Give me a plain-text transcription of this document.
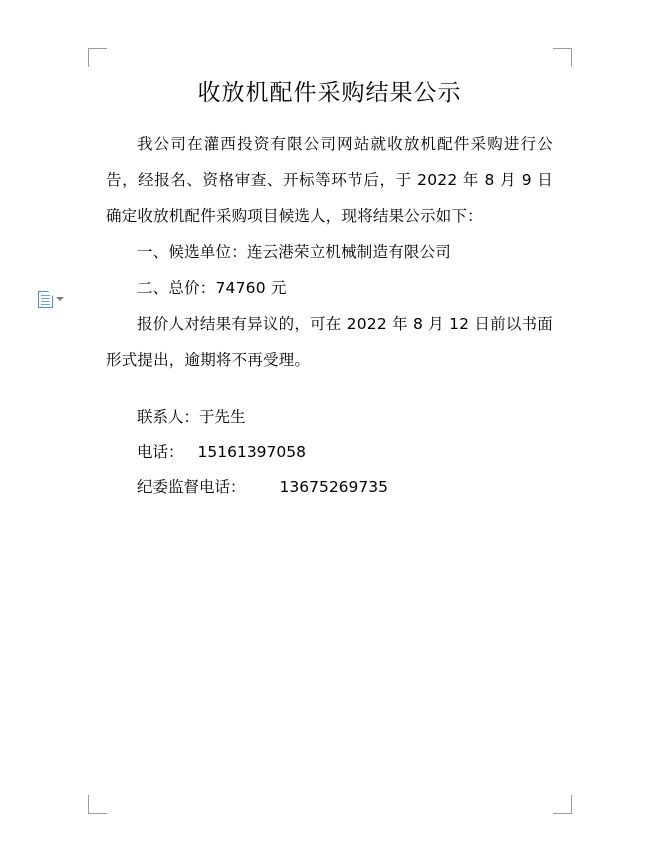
收放机配件采购结果公示

我公司在灌西投资有限公司网站就收放机配件采购进行公告，经报名、资格审查、开标等环节后，于 2022 年 8 月 9 日确定收放机配件采购项目候选人，现将结果公示如下：

一、候选单位：连云港荣立机械制造有限公司

二、总价：74760 元

报价人对结果有异议的，可在 2022 年 8 月 12 日前以书面形式提出，逾期将不再受理。

联系人：于先生
电话： 15161397058
纪委监督电话： 13675269735
